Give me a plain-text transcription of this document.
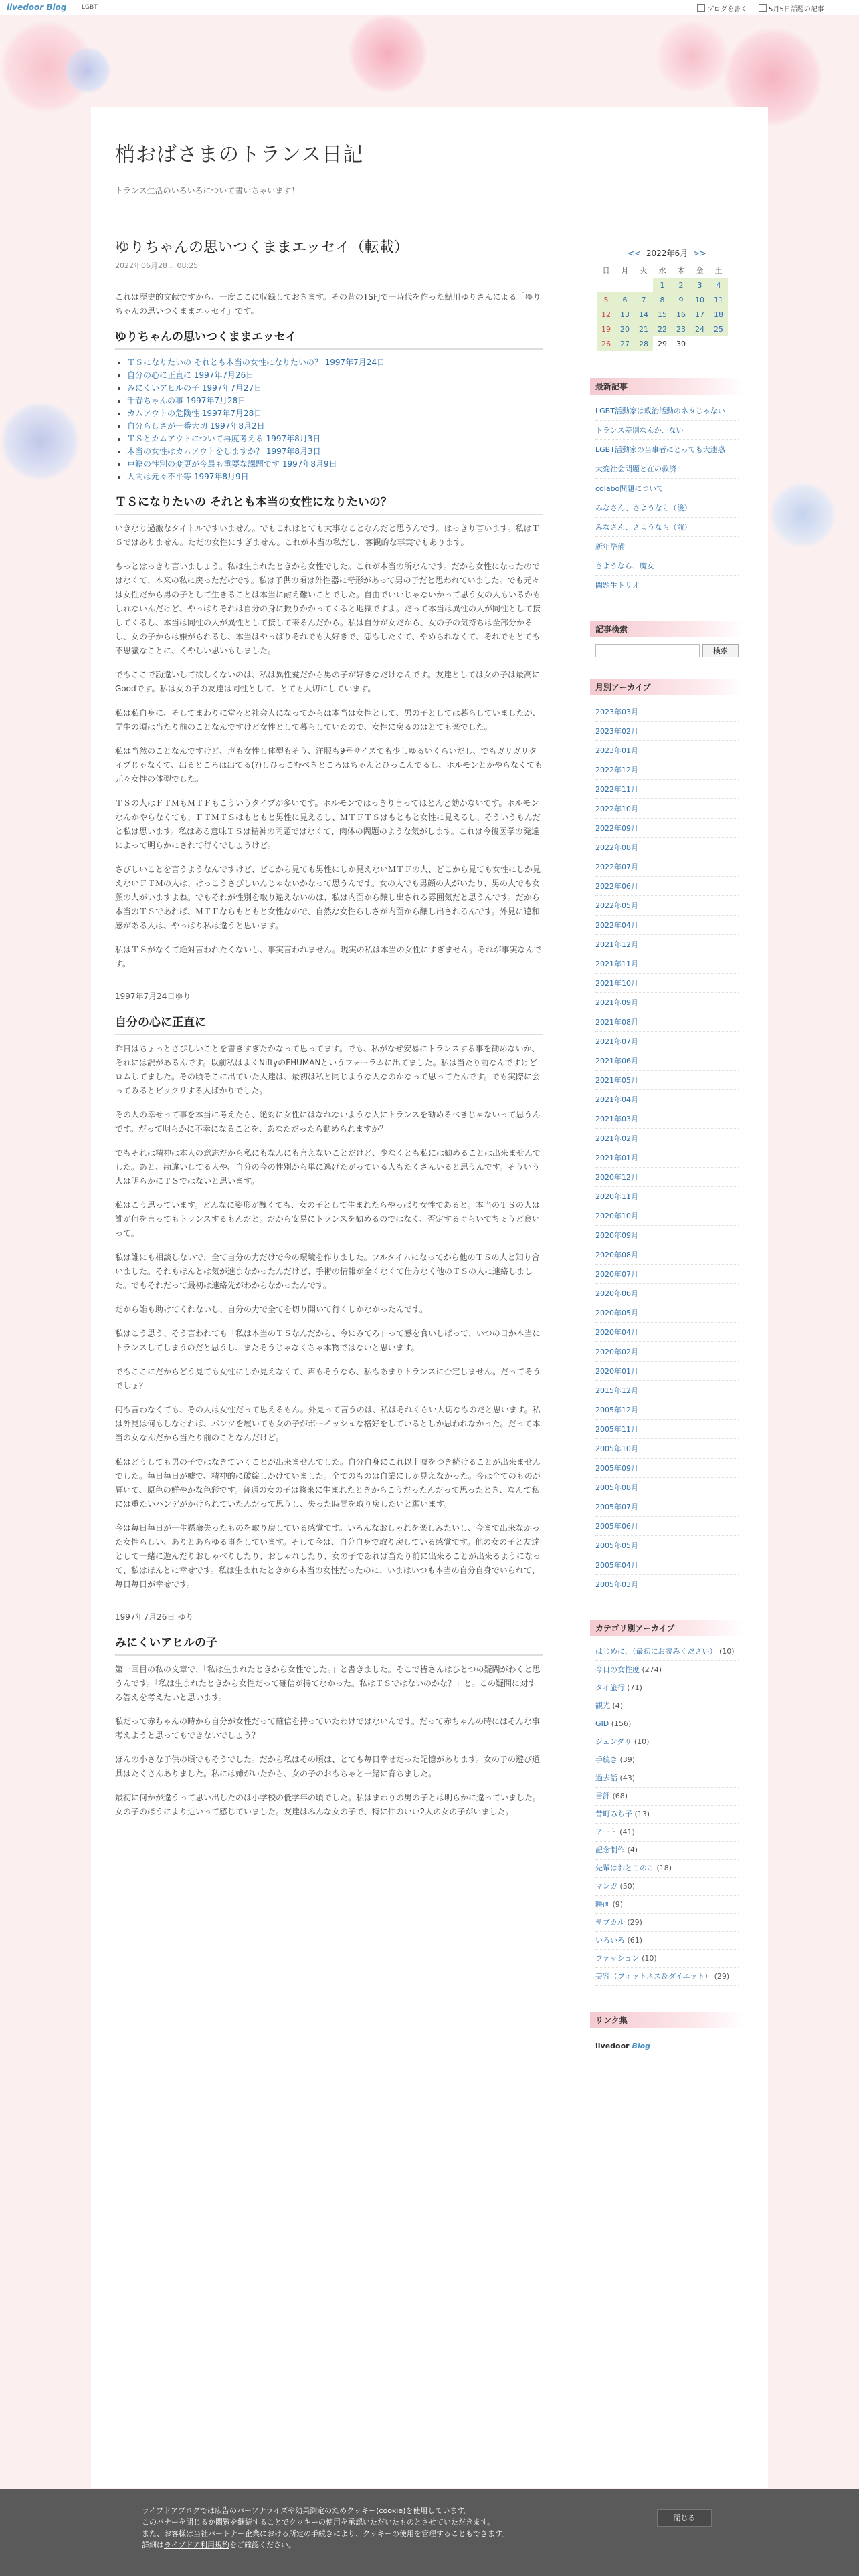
livedoor Blog	LGBT	ブログを書く	5月5日話題の記事
梢おばさまのトランス日記
トランス生活のいろいろについて書いちゃいます！
ゆりちゃんの思いつくままエッセイ（転載）
2022年06月28日 08:25

これは歴史的文献ですから、一度ここに収録しておきます。その昔のTSFJで一時代を作った鮎川ゆりさんによる「ゆりちゃんの思いつくままエッセイ」です。

ゆりちゃんの思いつくままエッセイ
• ＴＳになりたいの それとも本当の女性になりたいの？ 1997年7月24日
• 自分の心に正直に 1997年7月26日
• みにくいアヒルの子 1997年7月27日
• 千春ちゃんの事 1997年7月28日
• カムアウトの危険性 1997年7月28日
• 自分らしさが一番大切 1997年8月2日
• ＴＳとカムアウトについて再度考える 1997年8月3日
• 本当の女性はカムアウトをしますか？ 1997年8月3日
• 戸籍の性別の変更が今最も重要な課題です 1997年8月9日
• 人間は元々不平等 1997年8月9日
ＴＳになりたいの それとも本当の女性になりたいの？

いきなり過激なタイトルですいません。でもこれはとても大事なことなんだと思うんです。はっきり言います。私はＴＳではありません。ただの女性にすぎません。これが本当の私だし、客観的な事実でもあります。

もっとはっきり言いましょう。私は生まれたときから女性でした。これが本当の所なんです。だから女性になったのではなくて、本来の私に戻っただけです。私は子供の頃は外性器に奇形があって男の子だと思われていました。でも元々は女性だから男の子として生きることは本当に耐え難いことでした。自由でいいじゃないかって思う女の人もいるかもしれないんだけど、やっぱりそれは自分の身に振りかかってくると地獄ですよ。だって本当は異性の人が同性として接してくるし、本当は同性の人が異性として接して来るんだから。私は自分が女だから、女の子の気持ちは全部分かるし、女の子からは嫌がられるし、本当はやっぱりそれでも大好きで、恋もしたくて、やめられなくて、それでもとても不思議なことに、くやしい思いもしました。

でもここで勘違いして欲しくないのは、私は異性愛だから男の子が好きなだけなんです。友達としては女の子は最高にGoodです。私は女の子の友達は同性として、とても大切にしています。

私は私自身に、そしてまわりに堂々と社会人になってからは本当は女性として、男の子としては暮らしていましたが、学生の頃は当たり前のことなんですけど女性として暮らしていたので、女性に戻るのはとても楽でした。

私は当然のことなんですけど、声も女性し体型もそう、洋服も9号サイズでも少しゆるいくらいだし、でもガリガリタイプじゃなくて、出るところは出てる(?)しひっこむべきところはちゃんとひっこんでるし、ホルモンとかやらなくても元々女性の体型でした。

ＴＳの人はＦＴＭもＭＴＦもこういうタイプが多いです。ホルモンではっきり言ってほとんど効かないです。ホルモンなんかやらなくても、ＦＴＭＴＳはもともと男性に見えるし、ＭＴＦＴＳはもともと女性に見えるし、そういうもんだと私は思います。私はある意味ＴＳは精神の問題ではなくて、肉体の問題のような気がします。これは今後医学の発達によって明らかにされて行くでしょうけど。

さびしいことを言うようなんですけど、どこから見ても男性にしか見えないＭＴＦの人、どこから見ても女性にしか見えないＦＴＭの人は、けっこうさびしいんじゃないかなって思うんです。女の人でも男顔の人がいたり、男の人でも女顔の人がいますよね。でもそれが性別を取り違えないのは、私は内面から醸し出される雰囲気だと思うんです。だから本当のＴＳであれば、ＭＴＦならもともと女性なので、自然な女性らしさが内面から醸し出されるんです。外見に違和感がある人は、やっぱり私は違うと思います。

私はＴＳがなくて絶対言われたくないし、事実言われません。現実の私は本当の女性にすぎません。それが事実なんです。

1997年7月24日ゆり
自分の心に正直に

昨日はちょっとさびしいことを書きすぎたかなって思ってます。でも、私がなぜ安易にトランスする事を勧めないか、それには訳があるんです。以前私はよくNiftyのFHUMANというフォーラムに出てました。私は当たり前なんですけどロムしてました。その頃そこに出ていた人達は、最初は私と同じような人なのかなって思ってたんです。でも実際に会ってみるとビックリする人ばかりでした。

その人の幸せって事を本当に考えたら、絶対に女性にはなれないような人にトランスを勧めるべきじゃないって思うんです。だって明らかに不幸になることを、あなただったら勧められますか？

でもそれは精神は本人の意志だから私にもなんにも言えないことだけど、少なくとも私には勧めることは出来ませんでした。あと、勘違いしてる人や、自分の今の性別から単に逃げたがっている人もたくさんいると思うんです。そういう人は明らかにＴＳではないと思います。

私はこう思っています。どんなに姿形が醜くても、女の子として生まれたらやっぱり女性であると。本当のＴＳの人は誰が何を言ってもトランスするもんだと。だから安易にトランスを勧めるのではなく、否定するぐらいでちょうど良いって。

私は誰にも相談しないで、全て自分の力だけで今の環境を作りました。フルタイムになってから他のＴＳの人と知り合いました。それもほんとは気が進まなかったんだけど、手術の情報が全くなくて仕方なく他のＴＳの人に連絡しました。でもそれだって最初は連絡先がわからなかったんです。

だから誰も助けてくれないし、自分の力で全てを切り開いて行くしかなかったんです。

私はこう思う、そう言われても「私は本当のＴＳなんだから、今にみてろ」って感を食いしばって、いつの日か本当にトランスしてしまうのだと思うし、またそうじゃなくちゃ本物ではないと思います。

でもここにだからどう見ても女性にしか見えなくて、声もそうなら、私もあまりトランスに否定しません。だってそうでしょ？

何も言わなくても、その人は女性だって思えるもん。外見って言うのは、私はそれくらい大切なものだと思います。私は外見は何もしなければ、パンツを履いても女の子がボーイッシュな格好をしているとしか思われなかった。だって本当の女なんだから当たり前のことなんだけど。

私はどうしても男の子ではなきていくことが出来ませんでした。自分自身にこれ以上嘘をつき続けることが出来ませんでした。毎日毎日が嘘で、精神的に破綻しかけていました。全てのものは自業にしか見えなかった。今は全てのものが輝いて、原色の鮮やかな色彩です。普通の女の子は将来に生まれたときからこうだったんだって思ったとき、なんて私には重たいハンデがかけられていたんだって思うし、失った時間を取り戻したいと願います。

今は毎日毎日が一生懸命失ったものを取り戻している感覚です。いろんなおしゃれを楽しみたいし、今まで出来なかった女性らしい、ありとあらゆる事をしています。そして今は、自分自身で取り戻している感覚です。他の女の子と友達として一緒に遊んだりおしゃべりしたり、おしゃれしたり、女の子であれば当たり前に出来ることが出来るようになって、私はほんとに幸せです。私は生まれたときから本当の女性だったのに、いまはいつも本当の自分自身でいられて、毎日毎日が幸せです。

1997年7月26日 ゆり
みにくいアヒルの子

第一回目の私の文章で、「私は生まれたときから女性でした。」と書きました。そこで皆さんはひとつの疑問がわくと思うんです。「私は生まれたときから女性だって確信が持てなかった。私はＴＳではないのかな？」と。この疑問に対する答えを考えたいと思います。

私だって赤ちゃんの時から自分が女性だって確信を持っていたわけではないんです。だって赤ちゃんの時にはそんな事考えようと思ってもできないでしょう？

ほんの小さな子供の頃でもそうでした。だから私はその頃は、とても毎日幸せだった記憶があります。女の子の遊び道具はたくさんありました。私には姉がいたから、女の子のおもちゃと一緒に育ちました。

最初に何かが違うって思い出したのは小学校の低学年の頃でした。私はまわりの男の子とは明らかに違っていました。女の子のほうにより近いって感じていました。友達はみんな女の子で、特に仲のいい2人の女の子がいました。

<< 2022年6月 >>
日	月	火	水	木	金	土
			1	2	3	4
5	6	7	8	9	10	11
12	13	14	15	16	17	18
19	20	21	22	23	24	25
26	27	28	29	30		
最新記事
LGBT活動家は政治活動のネタじゃない！
トランス差別なんか、ない
LGBT活動家の当事者にとっても大迷惑
大変社会問題と在の救済
colabo問題について
みなさん、さようなら（後）
みなさん、さようなら（前）
新年準備
さようなら、魔女
問題生トリオ
記事検索
検索
月別アーカイブ
2023年03月
2023年02月
2023年01月
2022年12月
2022年11月
2022年10月
2022年09月
2022年08月
2022年07月
2022年06月
2022年05月
2022年04月
2021年12月
2021年11月
2021年10月
2021年09月
2021年08月
2021年07月
2021年06月
2021年05月
2021年04月
2021年03月
2021年02月
2021年01月
2020年12月
2020年11月
2020年10月
2020年09月
2020年08月
2020年07月
2020年06月
2020年05月
2020年04月
2020年02月
2020年01月
2015年12月
2005年12月
2005年11月
2005年10月
2005年09月
2005年08月
2005年07月
2005年06月
2005年05月
2005年04月
2005年03月
カテゴリ別アーカイブ
はじめに、（最初にお読みください） (10)
今日の女性度 (274)
タイ旅行 (71)
観光 (4)
GID (156)
ジェンダリ (10)
手続き (39)
過去話 (43)
書評 (68)
昔町みち子 (13)
アート (41)
記念制作 (4)
先輩はおとこのこ (18)
マンガ (50)
映画 (9)
サブカル (29)
いろいろ (61)
ファッション (10)
美容（フィットネス＆ダイエット） (29)
リンク集
livedoor Blog
ライブドアブログでは広告のパーソナライズや効果測定のためクッキー(cookie)を使用しています。
このバナーを閉じるか閲覧を継続することでクッキーの使用を承認いただいたものとさせていただきます。
また、お客様は当社パートナー企業における所定の手続きにより、クッキーの使用を管理することもできます。
詳細はライブドア利用規約をご確認ください。
閉じる
